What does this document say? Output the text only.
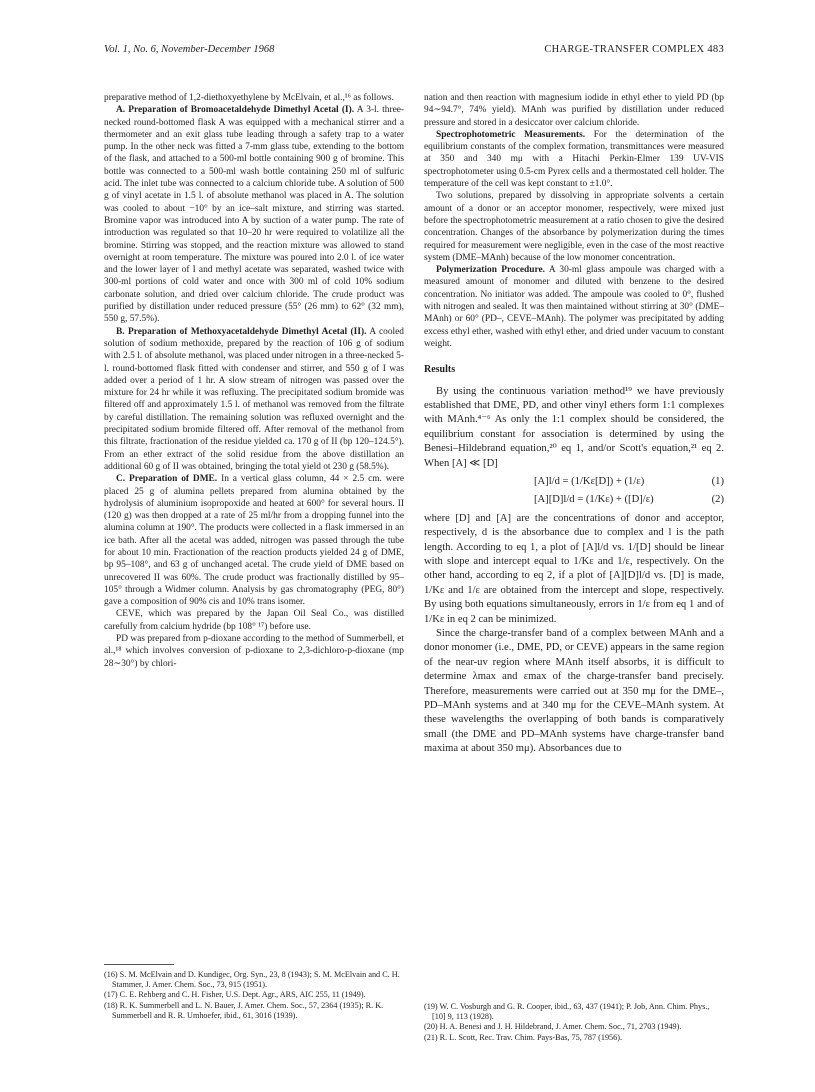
Vol. 1, No. 6, November-December 1968	CHARGE-TRANSFER COMPLEX 483

preparative method of 1,2-diethoxyethylene by McElvain, et al.,¹⁶ as follows.

A. Preparation of Bromoacetaldehyde Dimethyl Acetal (I). A 3-l. three-necked round-bottomed flask A was equipped with a mechanical stirrer and a thermometer and an exit glass tube leading through a safety trap to a water pump. In the other neck was fitted a 7-mm glass tube, extending to the bottom of the flask, and attached to a 500-ml bottle containing 900 g of bromine. This bottle was connected to a 500-ml wash bottle containing 250 ml of sulfuric acid. The inlet tube was connected to a calcium chloride tube. A solution of 500 g of vinyl acetate in 1.5 l. of absolute methanol was placed in A. The solution was cooled to about −10° by an ice–salt mixture, and stirring was started. Bromine vapor was introduced into A by suction of a water pump. The rate of introduction was regulated so that 10–20 hr were required to volatilize all the bromine. Stirring was stopped, and the reaction mixture was allowed to stand overnight at room temperature. The mixture was poured into 2.0 l. of ice water and the lower layer of I and methyl acetate was separated, washed twice with 300-ml portions of cold water and once with 300 ml of cold 10% sodium carbonate solution, and dried over calcium chloride. The crude product was purified by distillation under reduced pressure (55° (26 mm) to 62° (32 mm), 550 g, 57.5%).

B. Preparation of Methoxyacetaldehyde Dimethyl Acetal (II). A cooled solution of sodium methoxide, prepared by the reaction of 106 g of sodium with 2.5 l. of absolute methanol, was placed under nitrogen in a three-necked 5-l. round-bottomed flask fitted with condenser and stirrer, and 550 g of I was added over a period of 1 hr. A slow stream of nitrogen was passed over the mixture for 24 hr while it was refluxing. The precipitated sodium bromide was filtered off and approximately 1.5 l. of methanol was removed from the filtrate by careful distillation. The remaining solution was refluxed overnight and the precipitated sodium bromide filtered off. After removal of the methanol from this filtrate, fractionation of the residue yielded ca. 170 g of II (bp 120–124.5°). From an ether extract of the solid residue from the above distillation an additional 60 g of II was obtained, bringing the total yield ot 230 g (58.5%).

C. Preparation of DME. In a vertical glass column, 44 × 2.5 cm. were placed 25 g of alumina pellets prepared from alumina obtained by the hydrolysis of aluminium isopropoxide and heated at 600° for several hours. II (120 g) was then dropped at a rate of 25 ml/hr from a dropping funnel into the alumina column at 190°. The products were collected in a flask immersed in an ice bath. After all the acetal was added, nitrogen was passed through the tube for about 10 min. Fractionation of the reaction products yielded 24 g of DME, bp 95–108°, and 63 g of unchanged acetal. The crude yield of DME based on unrecovered II was 60%. The crude product was fractionally distilled by 95–105° through a Widmer column. Analysis by gas chromatography (PEG, 80°) gave a composition of 90% cis and 10% trans isomer.

CEVE, which was prepared by the Japan Oil Seal Co., was distilled carefully from calcium hydride (bp 108° ¹⁷) before use.

PD was prepared from p-dioxane according to the method of Summerbell, et al.,¹⁸ which involves conversion of p-dioxane to 2,3-dichloro-p-dioxane (mp 28∼30°) by chlori-

nation and then reaction with magnesium iodide in ethyl ether to yield PD (bp 94∼94.7°, 74% yield). MAnh was purified by distillation under reduced pressure and stored in a desiccator over calcium chloride.

Spectrophotometric Measurements. For the determination of the equilibrium constants of the complex formation, transmittances were measured at 350 and 340 mμ with a Hitachi Perkin-Elmer 139 UV-VIS spectrophotometer using 0.5-cm Pyrex cells and a thermostated cell holder. The temperature of the cell was kept constant to ±1.0°.

Two solutions, prepared by dissolving in appropriate solvents a certain amount of a donor or an acceptor monomer, respectively, were mixed just before the spectrophotometric measurement at a ratio chosen to give the desired concentration. Changes of the absorbance by polymerization during the times required for measurement were negligible, even in the case of the most reactive system (DME–MAnh) because of the low monomer concentration.

Polymerization Procedure. A 30-ml glass ampoule was charged with a measured amount of monomer and diluted with benzene to the desired concentration. No initiator was added. The ampoule was cooled to 0°, flushed with nitrogen and sealed. It was then maintained without stirring at 30° (DME–MAnh) or 60° (PD–, CEVE–MAnh). The polymer was precipitated by adding excess ethyl ether, washed with ethyl ether, and dried under vacuum to constant weight.

Results

By using the continuous variation method¹⁹ we have previously established that DME, PD, and other vinyl ethers form 1:1 complexes with MAnh.⁴⁻⁶ As only the 1:1 complex should be considered, the equilibrium constant for association is determined by using the Benesi–Hildebrand equation,²⁰ eq 1, and/or Scott's equation,²¹ eq 2. When [A] ≪ [D]

[A]l/d = (1/Kε[D]) + (1/ε)	(1)
[A][D]l/d = (1/Kε) + ([D]/ε)	(2)

where [D] and [A] are the concentrations of donor and acceptor, respectively, d is the absorbance due to complex and l is the path length. According to eq 1, a plot of [A]l/d vs. 1/[D] should be linear with slope and intercept equal to 1/Kε and 1/ε, respectively. On the other hand, according to eq 2, if a plot of [A][D]l/d vs. [D] is made, 1/Kε and 1/ε are obtained from the intercept and slope, respectively. By using both equations simultaneously, errors in 1/ε from eq 1 and of 1/Kε in eq 2 can be minimized.

Since the charge-transfer band of a complex between MAnh and a donor monomer (i.e., DME, PD, or CEVE) appears in the same region of the near-uv region where MAnh itself absorbs, it is difficult to determine λmax and εmax of the charge-transfer band precisely. Therefore, measurements were carried out at 350 mμ for the DME–, PD–MAnh systems and at 340 mμ for the CEVE–MAnh system. At these wavelengths the overlapping of both bands is comparatively small (the DME and PD–MAnh systems have charge-transfer band maxima at about 350 mμ). Absorbances due to

(16) S. M. McElvain and D. Kundigec, Org. Syn., 23, 8 (1943); S. M. McElvain and C. H. Stammer, J. Amer. Chem. Soc., 73, 915 (1951).

(17) C. E. Rehberg and C. H. Fisher, U.S. Dept. Agr., ARS, AIC 255, 11 (1949).

(18) R. K. Summerbell and L. N. Bauer, J. Amer. Chem. Soc., 57, 2364 (1935); R. K. Summerbell and R. R. Umhoefer, ibid., 61, 3016 (1939).

(19) W. C. Vosburgh and G. R. Cooper, ibid., 63, 437 (1941); P. Job, Ann. Chim. Phys., [10] 9, 113 (1928).

(20) H. A. Benesi and J. H. Hildebrand, J. Amer. Chem. Soc., 71, 2703 (1949).

(21) R. L. Scott, Rec. Trav. Chim. Pays-Bas, 75, 787 (1956).
